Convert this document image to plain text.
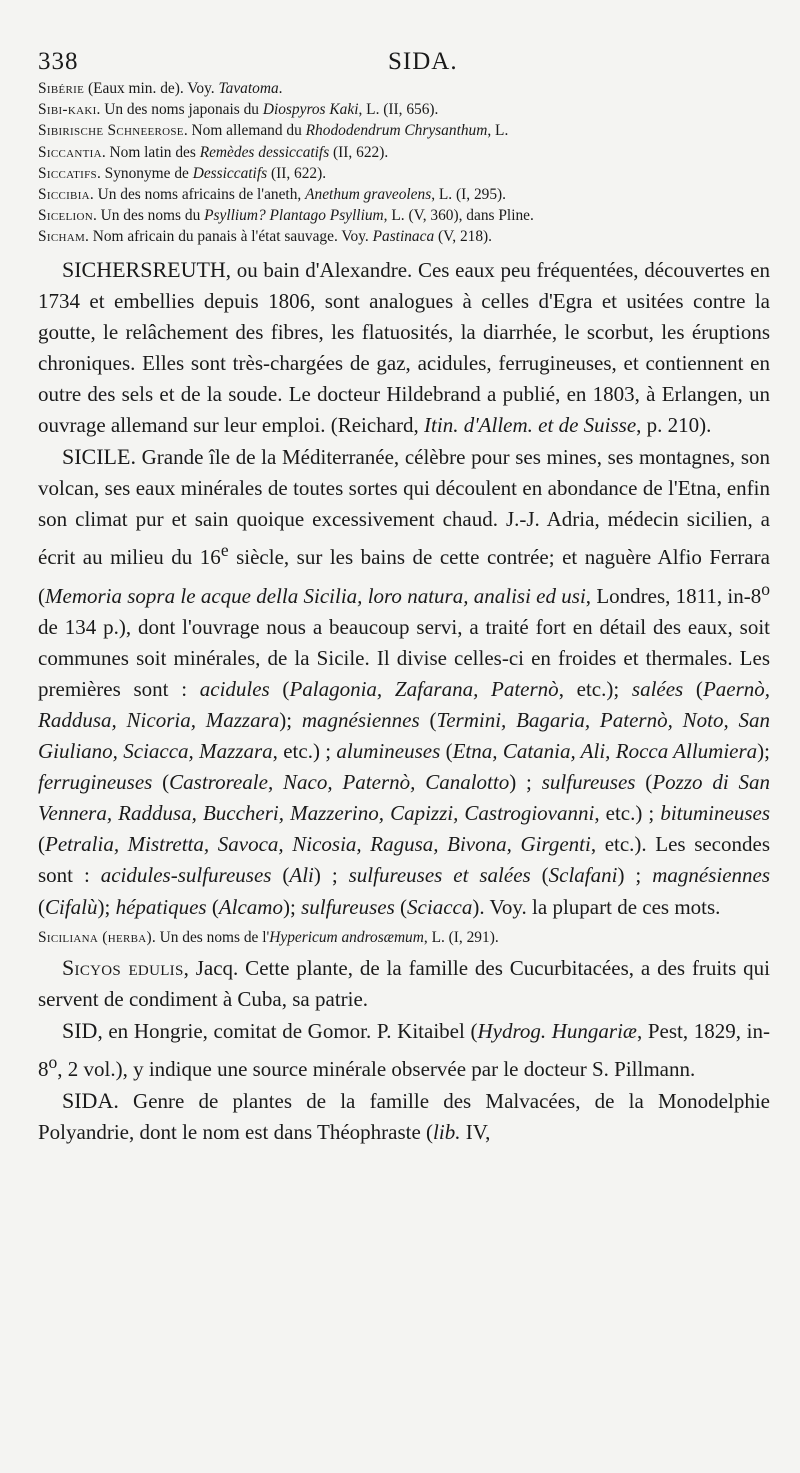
338	SIDA.
Sibérie (Eaux min. de). Voy. Tavatoma.
Sibi-kaki. Un des noms japonais du Diospyros Kaki, L. (II, 656).
Sibirische Schneerose. Nom allemand du Rhododendrum Chrysanthum, L.
Siccantia. Nom latin des Remèdes dessiccatifs (II, 622).
Siccatifs. Synonyme de Dessiccatifs (II, 622).
Siccibia. Un des noms africains de l'aneth, Anethum graveolens, L. (I, 295).
Sicelion. Un des noms du Psyllium? Plantago Psyllium, L. (V, 360), dans Pline.
Sicham. Nom africain du panais à l'état sauvage. Voy. Pastinaca (V, 218).

SICHERSREUTH, ou bain d'Alexandre. Ces eaux peu fréquentées, découvertes en 1734 et embellies depuis 1806, sont analogues à celles d'Egra et usitées contre la goutte, le relâchement des fibres, les flatuosités, la diarrhée, le scorbut, les éruptions chroniques. Elles sont très-chargées de gaz, acidules, ferrugineuses, et contiennent en outre des sels et de la soude. Le docteur Hildebrand a publié, en 1803, à Erlangen, un ouvrage allemand sur leur emploi. (Reichard, Itin. d'Allem. et de Suisse, p. 210).

SICILE. Grande île de la Méditerranée, célèbre pour ses mines, ses montagnes, son volcan, ses eaux minérales de toutes sortes qui découlent en abondance de l'Etna, enfin son climat pur et sain quoique excessivement chaud. J.-J. Adria, médecin sicilien, a écrit au milieu du 16e siècle, sur les bains de cette contrée; et naguère Alfio Ferrara (Memoria sopra le acque della Sicilia, loro natura, analisi ed usi, Londres, 1811, in-8$^o$ de 134 p.), dont l'ouvrage nous a beaucoup servi, a traité fort en détail des eaux, soit communes soit minérales, de la Sicile. Il divise celles-ci en froides et thermales. Les premières sont : acidules (Palagonia, Zafarana, Paternò, etc.); salées (Paernò, Raddusa, Nicoria, Mazzara); magnésiennes (Termini, Bagaria, Paternò, Noto, San Giuliano, Sciacca, Mazzara, etc.) ; alumineuses (Etna, Catania, Ali, Rocca Allumiera); ferrugineuses (Castroreale, Naco, Paternò, Canalotto) ; sulfureuses (Pozzo di San Vennera, Raddusa, Buccheri, Mazzerino, Capizzi, Castrogiovanni, etc.) ; bitumineuses (Petralia, Mistretta, Savoca, Nicosia, Ragusa, Bivona, Girgenti, etc.). Les secondes sont : acidules-sulfureuses (Ali) ; sulfureuses et salées (Sclafani) ; magnésiennes (Cifalù); hépatiques (Alcamo); sulfureuses (Sciacca). Voy. la plupart de ces mots.

Siciliana (herba). Un des noms de l'Hypericum androsæmum, L. (I, 291).

Sicyos edulis, Jacq. Cette plante, de la famille des Cucurbitacées, a des fruits qui servent de condiment à Cuba, sa patrie.

SID, en Hongrie, comitat de Gomor. P. Kitaibel (Hydrog. Hungariæ, Pest, 1829, in-8$^o$, 2 vol.), y indique une source minérale observée par le docteur S. Pillmann.

SIDA. Genre de plantes de la famille des Malvacées, de la Monodelphie Polyandrie, dont le nom est dans Théophraste (lib. IV,
